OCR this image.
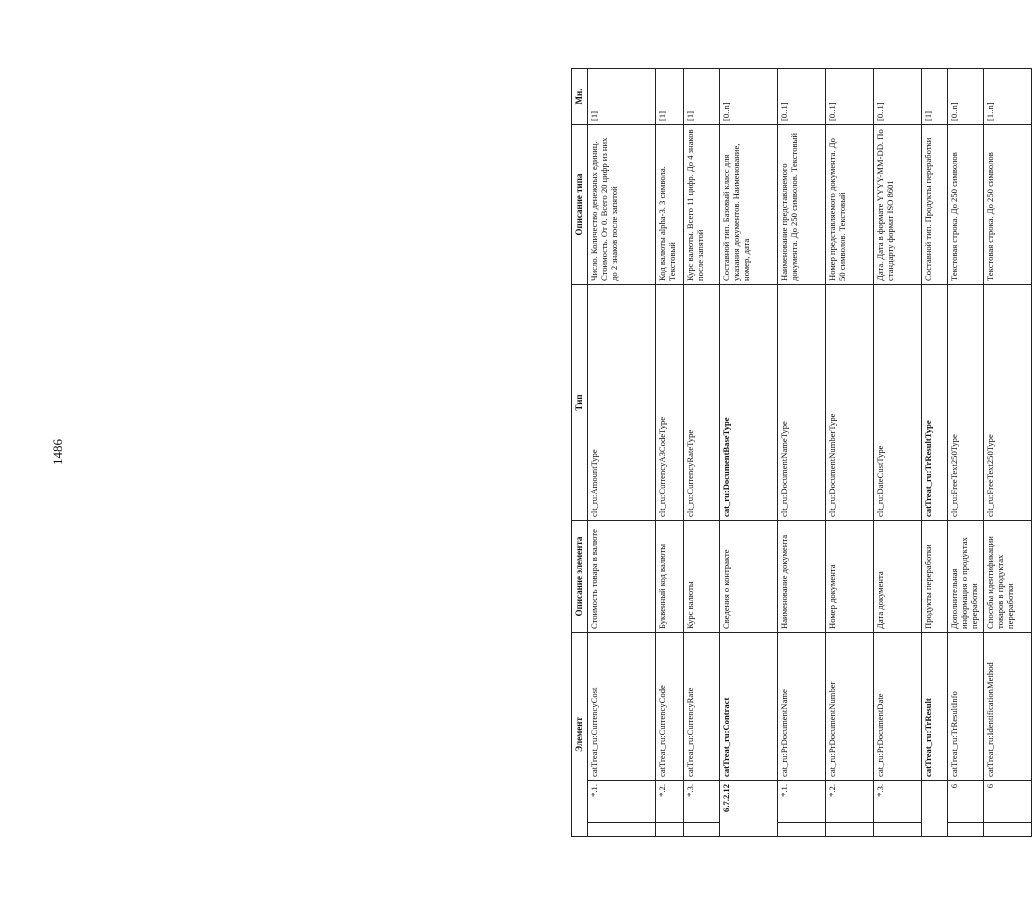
1486
Элемент			Описание элемента	Тип	Описание типа	Мн.
	*.1.	catTreat_ru:CurrencyCost	Стоимость товара в валюте	clt_ru:AmountType	Число. Количество денежных единиц. Стоимость. От 0. Всего 20 цифр из них до 2 знаков после запятой	[1]
	*.2.	catTreat_ru:CurrencyCode	Буквенный код валюты	clt_ru:CurrencyA3CodeType	Код валюты alpha-3. 3 символа. Текстовый	[1]
	*.3.	catTreat_ru:CurrencyRate	Курс валюты	clt_ru:CurrencyRateType	Курс валюты. Всего 11 цифр. До 4 знаков после запятой	[1]
6.7.2.12		catTreat_ru:Contract	Сведения о контракте	cat_ru:DocumentBaseType	Составной тип. Базовый класс для указания документов. Наименование, номер, дата	[0..n]
	*.1.	cat_ru:PrDocumentName	Наименование документа	clt_ru:DocumentNameType	Наименование представляемого документа. До 250 символов. Текстовый	[0..1]
	*.2.	cat_ru:PrDocumentNumber	Номер документа	clt_ru:DocumentNumberType	Номер представляемого документа. До 50 символов. Текстовый	[0..1]
	*.3.	cat_ru:PrDocumentDate	Дата документа	clt_ru:DateCustType	Дата. Дата в формате YYYY-MM-DD. По стандарту формат ISO 8601	[0..1]
		catTreat_ru:TrResult	Продукты переработки	catTreat_ru:TrResultType	Составной тип. Продукты переработки	[1]
	6	catTreat_ru:TrResultInfo	Дополнительная информация о продуктах переработки	clt_ru:FreeText250Type	Текстовая строка. До 250 символов	[0..n]
	6	catTreat_ru:IdentificationMethod	Способы идентификации товаров в продуктах переработки	clt_ru:FreeText250Type	Текстовая строка. До 250 символов	[1..n]
